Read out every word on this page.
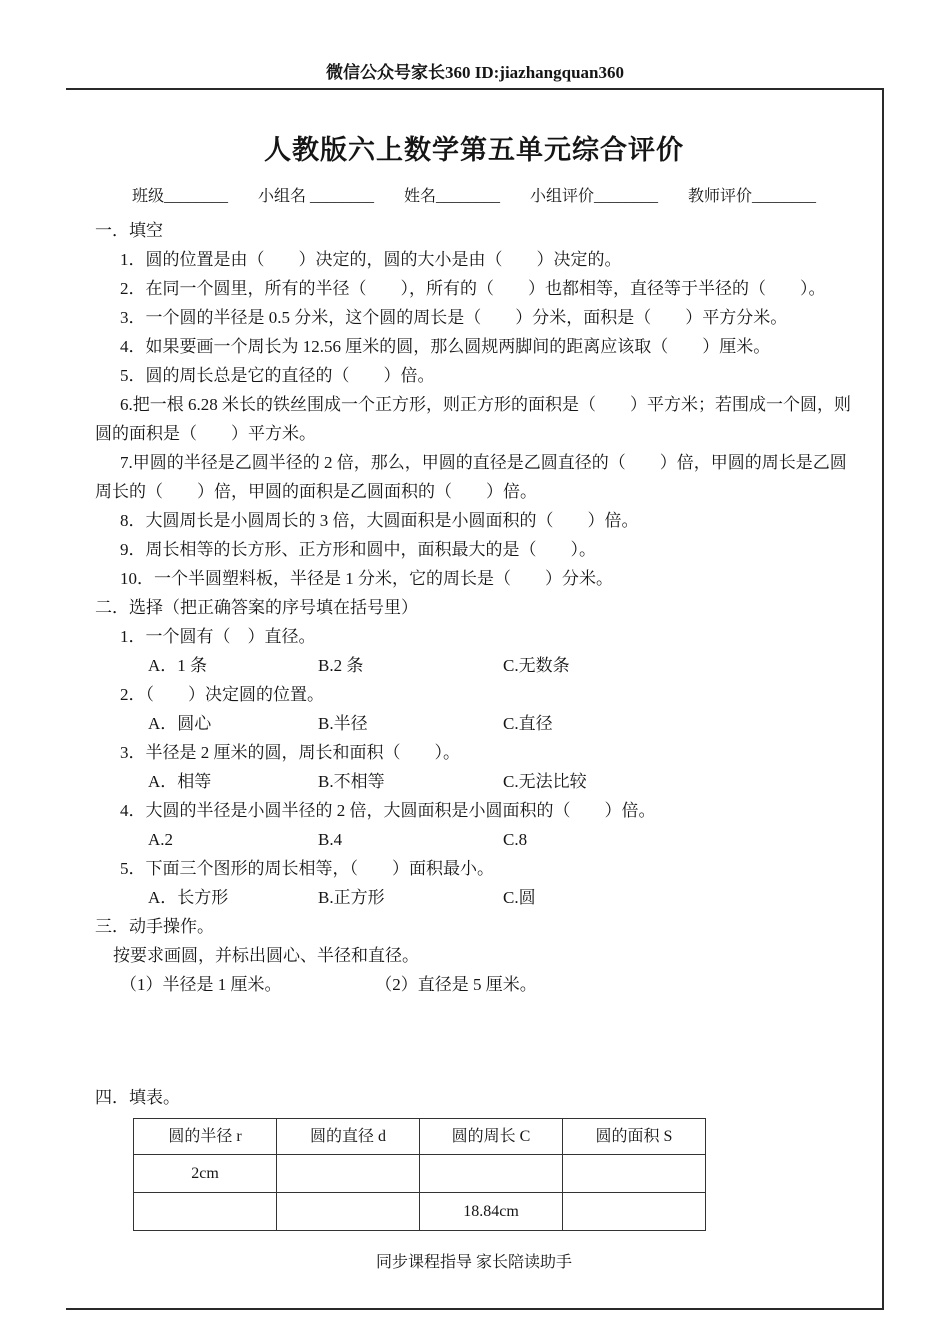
微信公众号家长360 ID:jiazhangquan360
人教版六上数学第五单元综合评价
班级________ 小组名 ________ 姓名________ 小组评价________ 教师评价________

一．填空

1．圆的位置是由（　　）决定的，圆的大小是由（　　）决定的。

2．在同一个圆里，所有的半径（　　），所有的（　　）也都相等，直径等于半径的（　　）。

3．一个圆的半径是 0.5 分米，这个圆的周长是（　　）分米，面积是（　　）平方分米。

4．如果要画一个周长为 12.56 厘米的圆，那么圆规两脚间的距离应该取（　　）厘米。

5．圆的周长总是它的直径的（　　）倍。

6.把一根 6.28 米长的铁丝围成一个正方形，则正方形的面积是（　　）平方米；若围成一个圆，则圆的面积是（　　）平方米。

7.甲圆的半径是乙圆半径的 2 倍，那么，甲圆的直径是乙圆直径的（　　）倍，甲圆的周长是乙圆周长的（　　）倍，甲圆的面积是乙圆面积的（　　）倍。

8．大圆周长是小圆周长的 3 倍，大圆面积是小圆面积的（　　）倍。

9．周长相等的长方形、正方形和圆中，面积最大的是（　　）。

10．一个半圆塑料板，半径是 1 分米，它的周长是（　　）分米。

二．选择（把正确答案的序号填在括号里）

1．一个圆有（　）直径。

A．1 条	B.2 条	C.无数条

2．（　　）决定圆的位置。

A．圆心	B.半径	C.直径

3．半径是 2 厘米的圆，周长和面积（　　）。

A．相等	B.不相等	C.无法比较

4．大圆的半径是小圆半径的 2 倍，大圆面积是小圆面积的（　　）倍。

A.2	B.4	C.8

5．下面三个图形的周长相等，（　　）面积最小。

A．长方形	B.正方形	C.圆

三．动手操作。

按要求画圆，并标出圆心、半径和直径。

（1）半径是 1 厘米。	（2）直径是 5 厘米。

四．填表。

圆的半径 r	圆的直径 d	圆的周长 C	圆的面积 S
2cm			
		18.84cm	
同步课程指导 家长陪读助手
